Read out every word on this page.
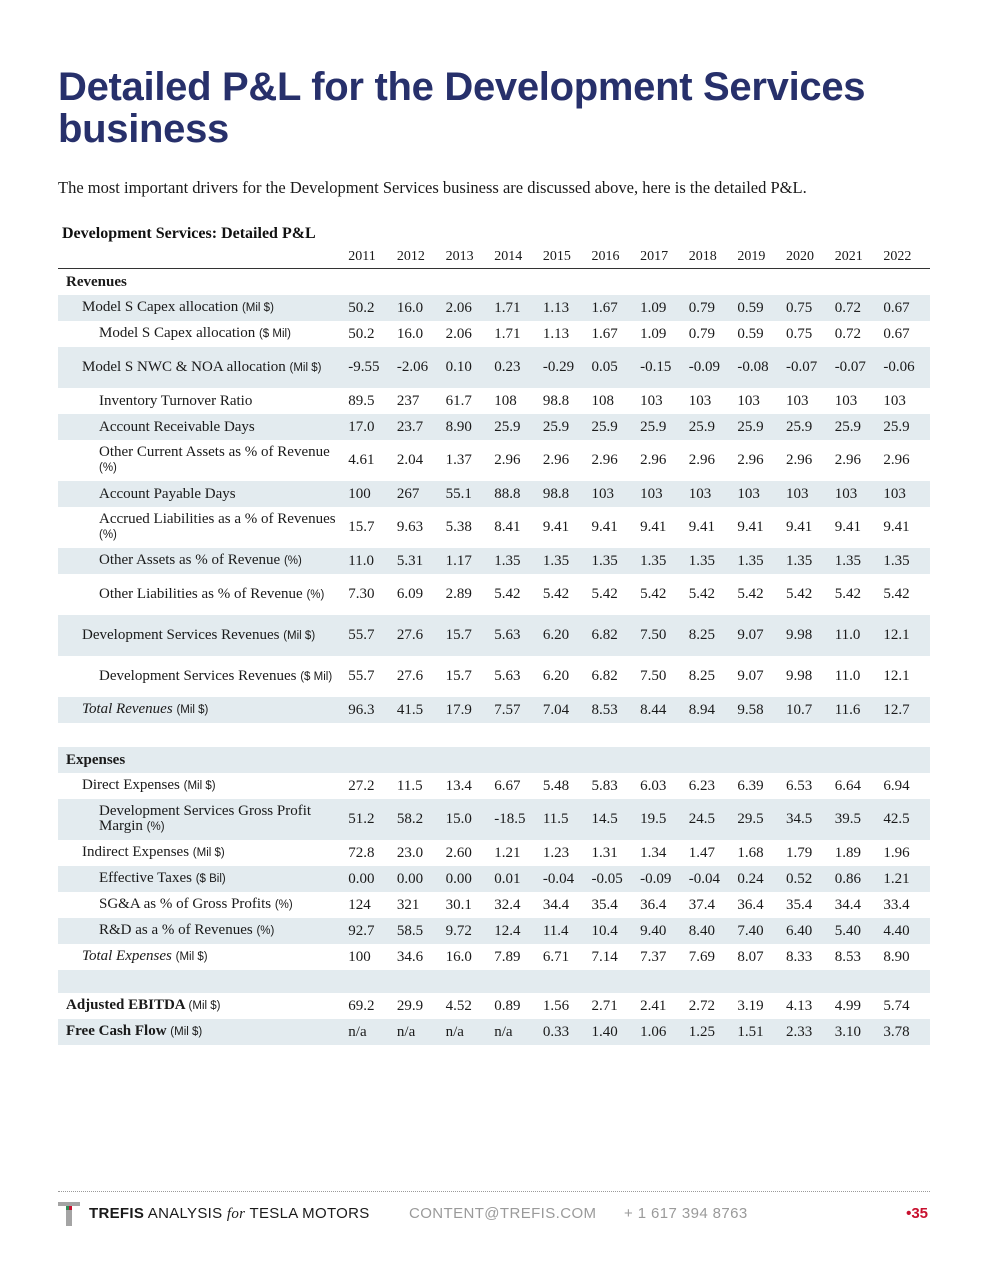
Detailed P&L for the Development Services business

The most important drivers for the Development Services business are discussed above, here is the detailed P&L.

Development Services: Detailed P&L
	2011	2012	2013	2014	2015	2016	2017	2018	2019	2020	2021	2022
Revenues												
Model S Capex allocation (Mil $)	50.2	16.0	2.06	1.71	1.13	1.67	1.09	0.79	0.59	0.75	0.72	0.67
Model S Capex allocation ($ Mil)	50.2	16.0	2.06	1.71	1.13	1.67	1.09	0.79	0.59	0.75	0.72	0.67
Model S NWC & NOA allocation (Mil $)	-9.55	-2.06	0.10	0.23	-0.29	0.05	-0.15	-0.09	-0.08	-0.07	-0.07	-0.06
Inventory Turnover Ratio	89.5	237	61.7	108	98.8	108	103	103	103	103	103	103
Account Receivable Days	17.0	23.7	8.90	25.9	25.9	25.9	25.9	25.9	25.9	25.9	25.9	25.9
Other Current Assets as % of Revenue (%)	4.61	2.04	1.37	2.96	2.96	2.96	2.96	2.96	2.96	2.96	2.96	2.96
Account Payable Days	100	267	55.1	88.8	98.8	103	103	103	103	103	103	103
Accrued Liabilities as a % of Revenues (%)	15.7	9.63	5.38	8.41	9.41	9.41	9.41	9.41	9.41	9.41	9.41	9.41
Other Assets as % of Revenue (%)	11.0	5.31	1.17	1.35	1.35	1.35	1.35	1.35	1.35	1.35	1.35	1.35
Other Liabilities as % of Revenue (%)	7.30	6.09	2.89	5.42	5.42	5.42	5.42	5.42	5.42	5.42	5.42	5.42
Development Services Revenues (Mil $)	55.7	27.6	15.7	5.63	6.20	6.82	7.50	8.25	9.07	9.98	11.0	12.1
Development Services Revenues ($ Mil)	55.7	27.6	15.7	5.63	6.20	6.82	7.50	8.25	9.07	9.98	11.0	12.1
Total Revenues (Mil $)	96.3	41.5	17.9	7.57	7.04	8.53	8.44	8.94	9.58	10.7	11.6	12.7

Expenses												
Direct Expenses (Mil $)	27.2	11.5	13.4	6.67	5.48	5.83	6.03	6.23	6.39	6.53	6.64	6.94
Development Services Gross Profit Margin (%)	51.2	58.2	15.0	-18.5	11.5	14.5	19.5	24.5	29.5	34.5	39.5	42.5
Indirect Expenses (Mil $)	72.8	23.0	2.60	1.21	1.23	1.31	1.34	1.47	1.68	1.79	1.89	1.96
Effective Taxes ($ Bil)	0.00	0.00	0.00	0.01	-0.04	-0.05	-0.09	-0.04	0.24	0.52	0.86	1.21
SG&A as % of Gross Profits (%)	124	321	30.1	32.4	34.4	35.4	36.4	37.4	36.4	35.4	34.4	33.4
R&D as a % of Revenues (%)	92.7	58.5	9.72	12.4	11.4	10.4	9.40	8.40	7.40	6.40	5.40	4.40
Total Expenses (Mil $)	100	34.6	16.0	7.89	6.71	7.14	7.37	7.69	8.07	8.33	8.53	8.90

Adjusted EBITDA (Mil $)	69.2	29.9	4.52	0.89	1.56	2.71	2.41	2.72	3.19	4.13	4.99	5.74
Free Cash Flow (Mil $)	n/a	n/a	n/a	n/a	0.33	1.40	1.06	1.25	1.51	2.33	3.10	3.78
TREFIS ANALYSIS for TESLA MOTORS	CONTENT@TREFIS.COM + 1 617 394 8763	•35
